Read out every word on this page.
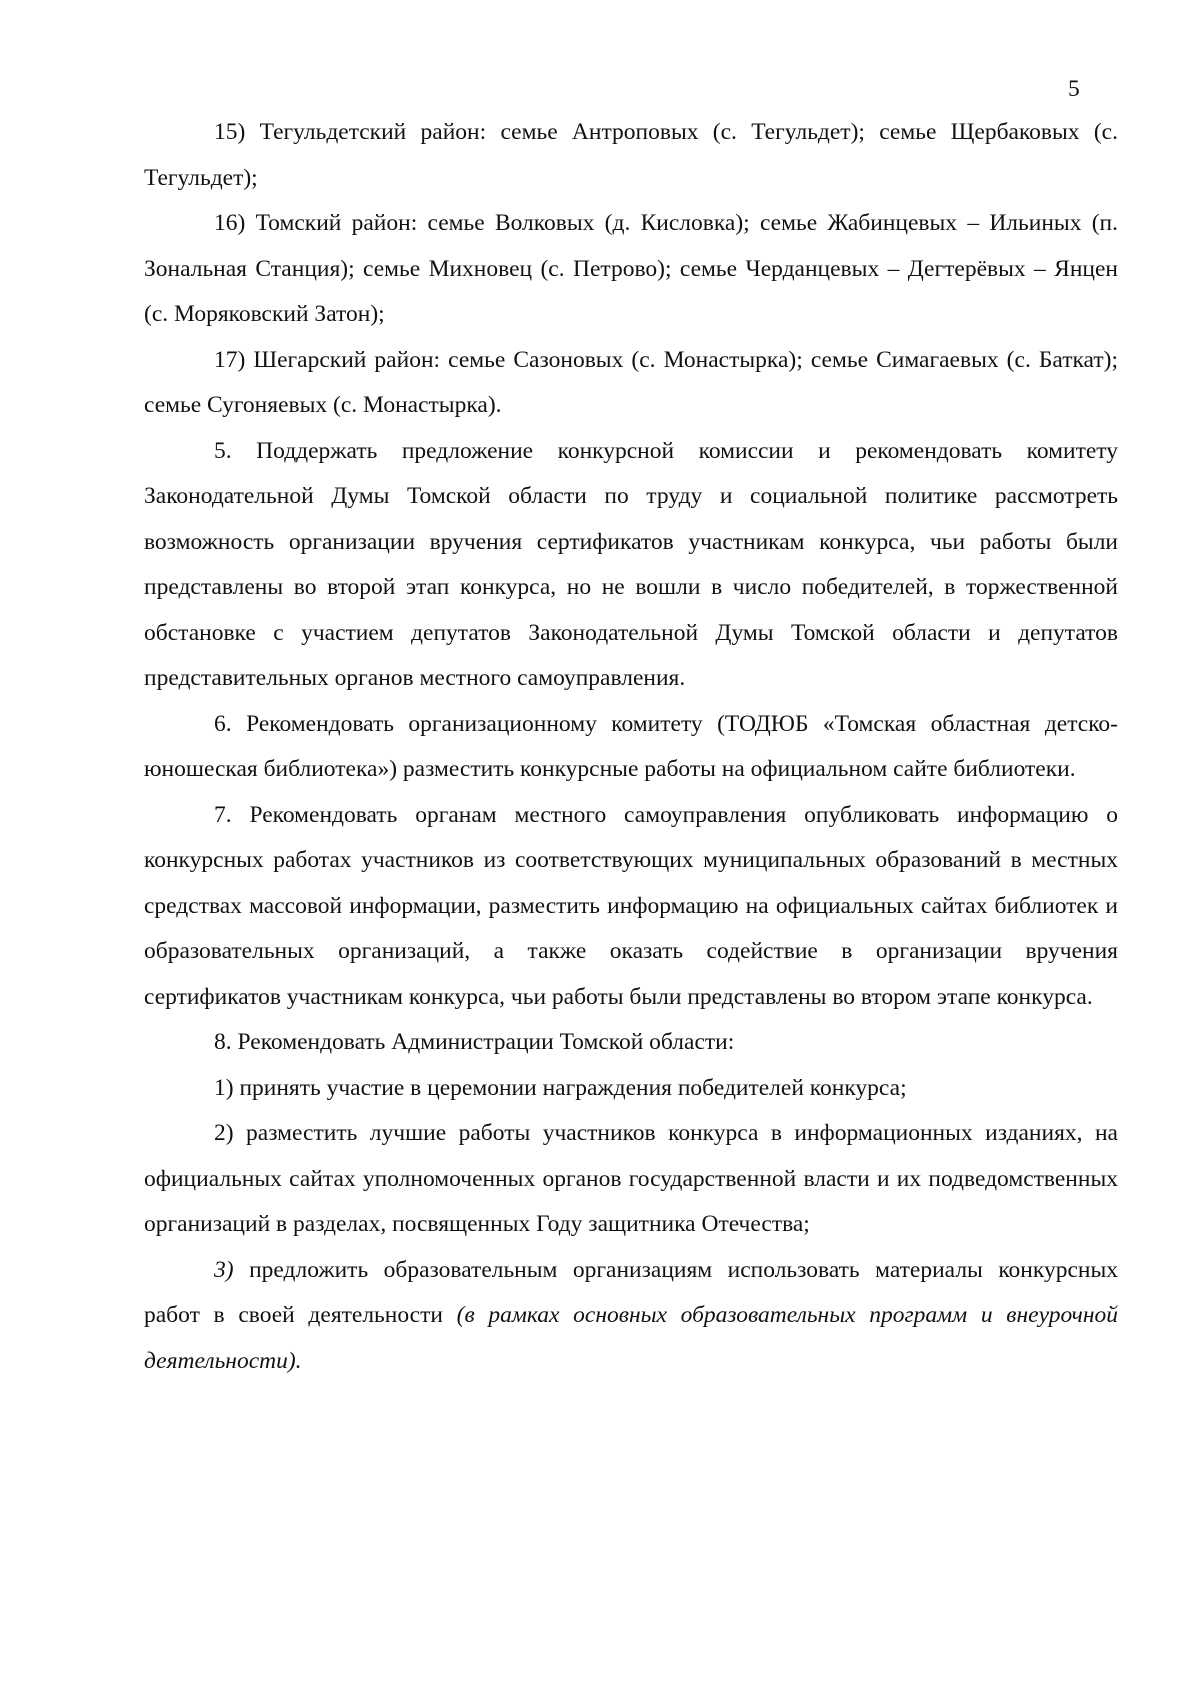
5

15) Тегульдетский район: семье Антроповых (с. Тегульдет); семье Щербаковых (с. Тегульдет);

16) Томский район: семье Волковых (д. Кисловка); семье Жабинцевых – Ильиных (п. Зональная Станция); семье Михновец (с. Петрово); семье Черданцевых – Дегтерёвых – Янцен (с. Моряковский Затон);

17) Шегарский район: семье Сазоновых (с. Монастырка); семье Симагаевых (с. Баткат); семье Сугоняевых (с. Монастырка).

5. Поддержать предложение конкурсной комиссии и рекомендовать комитету Законодательной Думы Томской области по труду и социальной политике рассмотреть возможность организации вручения сертификатов участникам конкурса, чьи работы были представлены во второй этап конкурса, но не вошли в число победителей, в торжественной обстановке с участием депутатов Законодательной Думы Томской области и депутатов представительных органов местного самоуправления.

6. Рекомендовать организационному комитету (ТОДЮБ «Томская областная детско-юношеская библиотека») разместить конкурсные работы на официальном сайте библиотеки.

7. Рекомендовать органам местного самоуправления опубликовать информацию о конкурсных работах участников из соответствующих муниципальных образований в местных средствах массовой информации, разместить информацию на официальных сайтах библиотек и образовательных организаций, а также оказать содействие в организации вручения сертификатов участникам конкурса, чьи работы были представлены во втором этапе конкурса.

8. Рекомендовать Администрации Томской области:

1) принять участие в церемонии награждения победителей конкурса;

2) разместить лучшие работы участников конкурса в информационных изданиях, на официальных сайтах уполномоченных органов государственной власти и их подведомственных организаций в разделах, посвященных Году защитника Отечества;

3) предложить образовательным организациям использовать материалы конкурсных работ в своей деятельности (в рамках основных образовательных программ и внеурочной деятельности).
